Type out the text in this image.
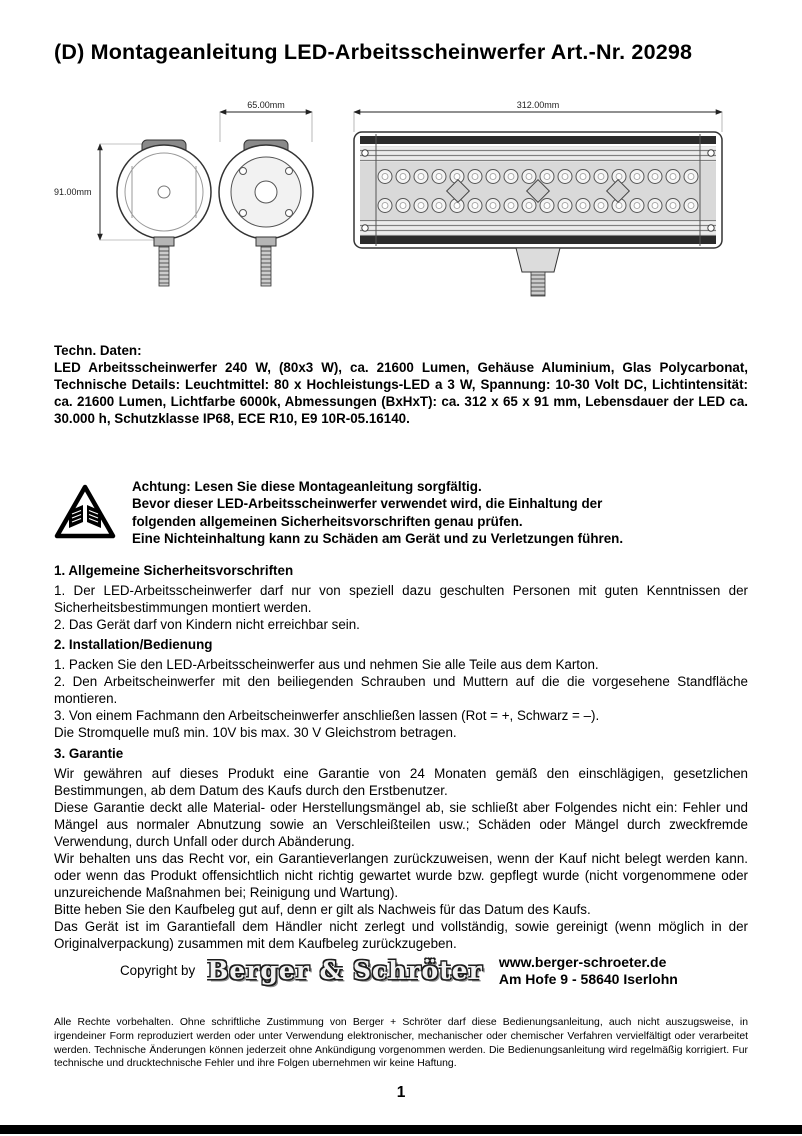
(D) Montageanleitung LED-Arbeitsscheinwerfer Art.-Nr. 20298
91.00mm
65.00mm	312.00mm

Techn. Daten:

LED Arbeitsscheinwerfer 240 W, (80x3 W), ca. 21600 Lumen, Gehäuse Aluminium, Glas Polycarbonat, Technische Details: Leuchtmittel: 80 x Hochleistungs-LED a 3 W, Spannung: 10-30 Volt DC, Lichtintensität: ca. 21600 Lumen, Lichtfarbe 6000k, Abmessungen (BxHxT): ca. 312 x 65 x 91 mm, Lebensdauer der LED ca. 30.000 h, Schutzklasse IP68, ECE R10, E9 10R-05.16140.

Achtung: Lesen Sie diese Montageanleitung sorgfältig.

Bevor dieser LED-Arbeitsscheinwerfer verwendet wird, die Einhaltung der folgenden allgemeinen Sicherheitsvorschriften genau prüfen.

Eine Nichteinhaltung kann zu Schäden am Gerät und zu Verletzungen führen.

1. Allgemeine Sicherheitsvorschriften

1. Der LED-Arbeitsscheinwerfer darf nur von speziell dazu geschulten Personen mit guten Kenntnissen der Sicherheitsbestimmungen montiert werden.

2. Das Gerät darf von Kindern nicht erreichbar sein.

2. Installation/Bedienung

1. Packen Sie den LED-Arbeitsscheinwerfer aus und nehmen Sie alle Teile aus dem Karton.

2. Den Arbeitscheinwerfer mit den beiliegenden Schrauben und Muttern auf die die vorgesehene Standfläche montieren.

3. Von einem Fachmann den Arbeitscheinwerfer anschließen lassen (Rot = +, Schwarz = –).

Die Stromquelle muß min. 10V bis max. 30 V Gleichstrom betragen.

3. Garantie

Wir gewähren auf dieses Produkt eine Garantie von 24 Monaten gemäß den einschlägigen, gesetzlichen Bestimmungen, ab dem Datum des Kaufs durch den Erstbenutzer.

Diese Garantie deckt alle Material- oder Herstellungsmängel ab, sie schließt aber Folgendes nicht ein: Fehler und Mängel aus normaler Abnutzung sowie an Verschleißteilen usw.; Schäden oder Mängel durch zweckfremde Verwendung, durch Unfall oder durch Abänderung.

Wir behalten uns das Recht vor, ein Garantieverlangen zurückzuweisen, wenn der Kauf nicht belegt werden kann. oder wenn das Produkt offensichtlich nicht richtig gewartet wurde bzw. gepflegt wurde (nicht vorgenommene oder unzureichende Maßnahmen bei; Reinigung und Wartung).

Bitte heben Sie den Kaufbeleg gut auf, denn er gilt als Nachweis für das Datum des Kaufs.

Das Gerät ist im Garantiefall dem Händler nicht zerlegt und vollständig, sowie gereinigt (wenn möglich in der Originalverpackung) zusammen mit dem Kaufbeleg zurückzugeben.

Copyright by Berger & Schröter www.berger-schroeter.de
Am Hofe 9 - 58640 Iserlohn

Alle Rechte vorbehalten. Ohne schriftliche Zustimmung von Berger + Schröter darf diese Bedienungsanleitung, auch nicht auszugsweise, in irgendeiner Form reproduziert werden oder unter Verwendung elektronischer, mechanischer oder chemischer Verfahren vervielfältigt oder verarbeitet werden. Technische Änderungen können jederzeit ohne Ankündigung vorgenommen werden. Die Bedienungsanleitung wird regelmäßig korrigiert. Fur technische und drucktechnische Fehler und ihre Folgen ubernehmen wir keine Haftung.

1
